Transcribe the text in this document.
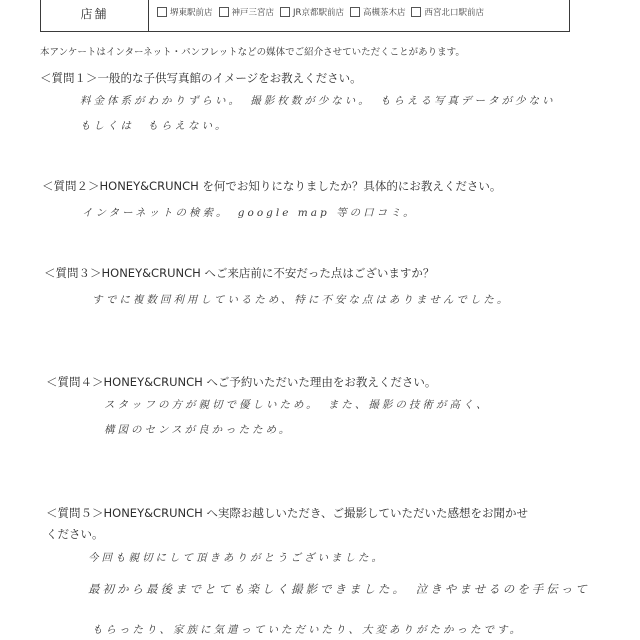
店舗	堺東駅前店 神戸三宮店 JR京都駅前店 高槻茶木店 西宮北口駅前店
本アンケートはインターネット・パンフレットなどの媒体でご紹介させていただくことがあります。
＜質問１＞一般的な子供写真館のイメージをお教えください。
料金体系がわかりずらい。　撮影枚数が少ない。　もらえる写真データが少ない
もしくは　もらえない。
＜質問２＞HONEY&CRUNCH を何でお知りになりましたか？具体的にお教えください。
インターネットの検索。　google map 等の口コミ。
＜質問３＞HONEY&CRUNCH へご来店前に不安だった点はございますか？
すでに複数回利用しているため、特に不安な点はありませんでした。
＜質問４＞HONEY&CRUNCH へご予約いただいた理由をお教えください。
スタッフの方が親切で優しいため。　また、撮影の技術が高く、
構図のセンスが良かったため。
＜質問５＞HONEY&CRUNCH へ実際お越しいただき、ご撮影していただいた感想をお聞かせ
ください。
今回も親切にして頂きありがとうございました。
最初から最後までとても楽しく撮影できました。　泣きやませるのを手伝って
もらったり、家族に気遣っていただいたり、大変ありがたかったです。
